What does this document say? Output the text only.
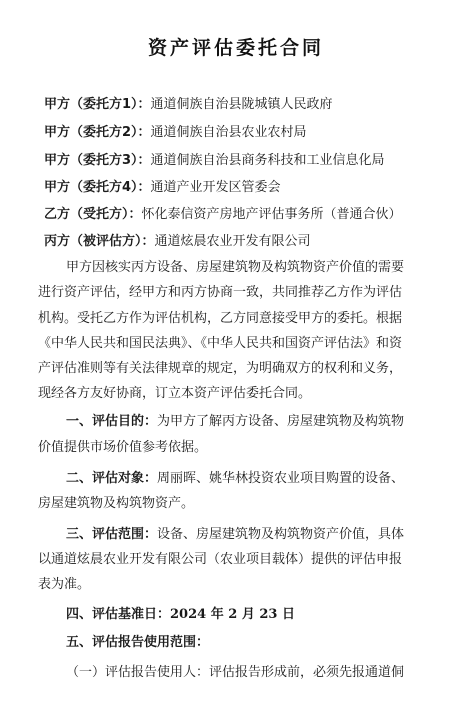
资产评估委托合同
甲方（委托方1）：通道侗族自治县陇城镇人民政府
甲方（委托方2）：通道侗族自治县农业农村局
甲方（委托方3）：通道侗族自治县商务科技和工业信息化局
甲方（委托方4）：通道产业开发区管委会
乙方（受托方）：怀化泰信资产房地产评估事务所（普通合伙）
丙方（被评估方）：通道炫晨农业开发有限公司
甲方因核实丙方设备、房屋建筑物及构筑物资产价值的需要
进行资产评估，经甲方和丙方协商一致，共同推荐乙方作为评估
机构。受托乙方作为评估机构，乙方同意接受甲方的委托。根据
《中华人民共和国民法典》、《中华人民共和国资产评估法》和资
产评估准则等有关法律规章的规定，为明确双方的权利和义务，
现经各方友好协商，订立本资产评估委托合同。
一、评估目的：为甲方了解丙方设备、房屋建筑物及构筑物
价值提供市场价值参考依据。
二、评估对象：周丽晖、姚华林投资农业项目购置的设备、
房屋建筑物及构筑物资产。
三、评估范围：设备、房屋建筑物及构筑物资产价值，具体
以通道炫晨农业开发有限公司（农业项目载体）提供的评估申报
表为准。
四、评估基准日：2024 年 2 月 23 日
五、评估报告使用范围：
（一）评估报告使用人：评估报告形成前，必须先报通道侗
